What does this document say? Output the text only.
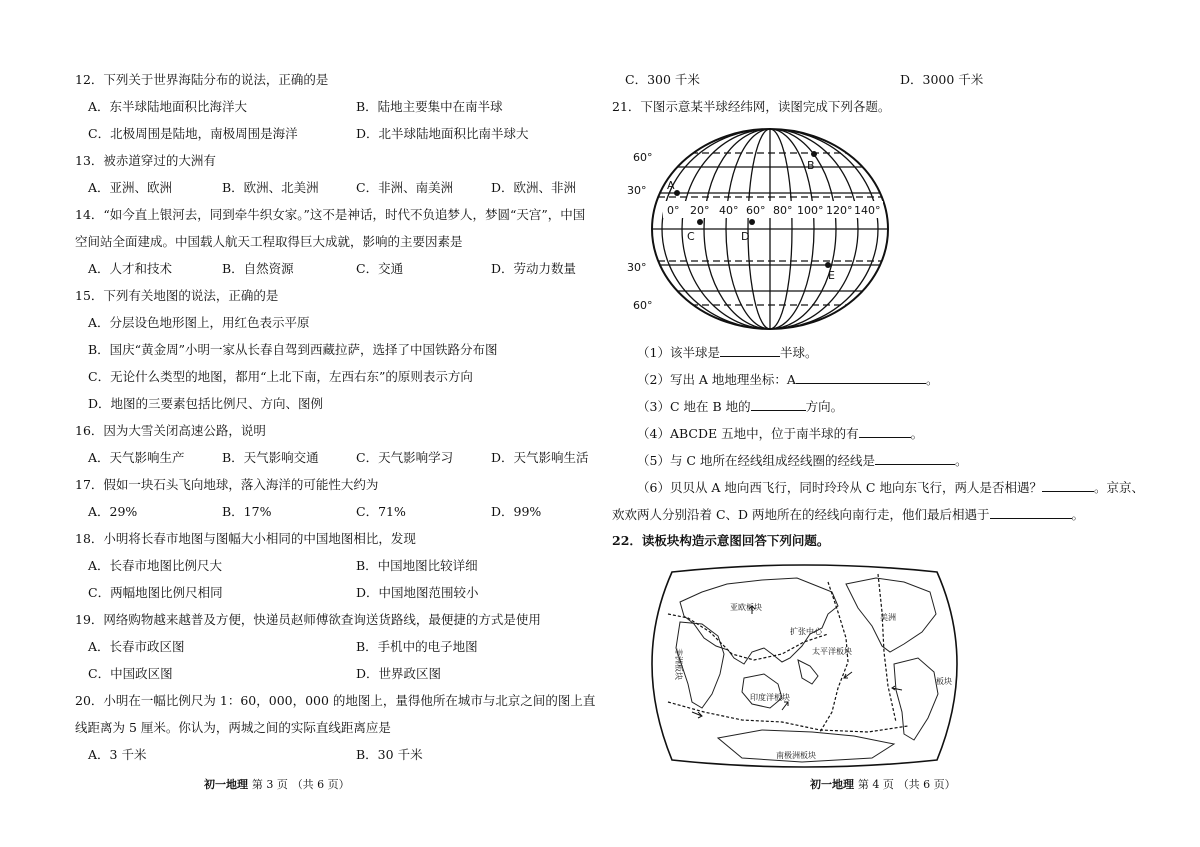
12．下列关于世界海陆分布的说法，正确的是
A．东半球陆地面积比海洋大	B．陆地主要集中在南半球
C．北极周围是陆地，南极周围是海洋	D．北半球陆地面积比南半球大
13．被赤道穿过的大洲有
A．亚洲、欧洲	B．欧洲、北美洲	C．非洲、南美洲	D．欧洲、非洲
14．“如今直上银河去，同到牵牛织女家。”这不是神话，时代不负追梦人，梦圆“天宫”，中国
空间站全面建成。中国载人航天工程取得巨大成就，影响的主要因素是
A．人才和技术	B．自然资源	C．交通	D．劳动力数量
15．下列有关地图的说法，正确的是
A．分层设色地形图上，用红色表示平原
B．国庆“黄金周”小明一家从长春自驾到西藏拉萨，选择了中国铁路分布图
C．无论什么类型的地图，都用“上北下南，左西右东”的原则表示方向
D．地图的三要素包括比例尺、方向、图例
16．因为大雪关闭高速公路，说明
A．天气影响生产	B．天气影响交通	C．天气影响学习	D．天气影响生活
17．假如一块石头飞向地球，落入海洋的可能性大约为
A．29%	B．17%	C．71%	D．99%
18．小明将长春市地图与图幅大小相同的中国地图相比，发现
A．长春市地图比例尺大	B．中国地图比较详细
C．两幅地图比例尺相同	D．中国地图范围较小
19．网络购物越来越普及方便，快递员赵师傅欲查询送货路线，最便捷的方式是使用
A．长春市政区图	B．手机中的电子地图
C．中国政区图	D．世界政区图
20．小明在一幅比例尺为 1：60，000，000 的地图上，量得他所在城市与北京之间的图上直
线距离为 5 厘米。你认为，两城之间的实际直线距离应是
A．3 千米	B．30 千米
初一地理 第 3 页 （共 6 页）
C．300 千米	D．3000 千米
21．下图示意某半球经纬网，读图完成下列各题。
60°
30°
30°
60°
0° 20° 40° 60° 80° 100° 120° 140°
A
B
C	D
E
（1）该半球是	半球。
（2）写出 A 地地理坐标：A	。
（3）C 地在 B 地的	方向。
（4）ABCDE 五地中，位于南半球的有	。
（5）与 C 地所在经线组成经线圈的经线是	。
（6）贝贝从 A 地向西飞行，同时玲玲从 C 地向东飞行，两人是否相遇？	。京京、
欢欢两人分别沿着 C、D 两地所在的经线向南行走，他们最后相遇于	。
22．读板块构造示意图回答下列问题。
亚欧板块
非洲板块
美洲
太平洋板块
印度洋板块
南极洲板块
板块
扩张中心
初一地理 第 4 页 （共 6 页）
